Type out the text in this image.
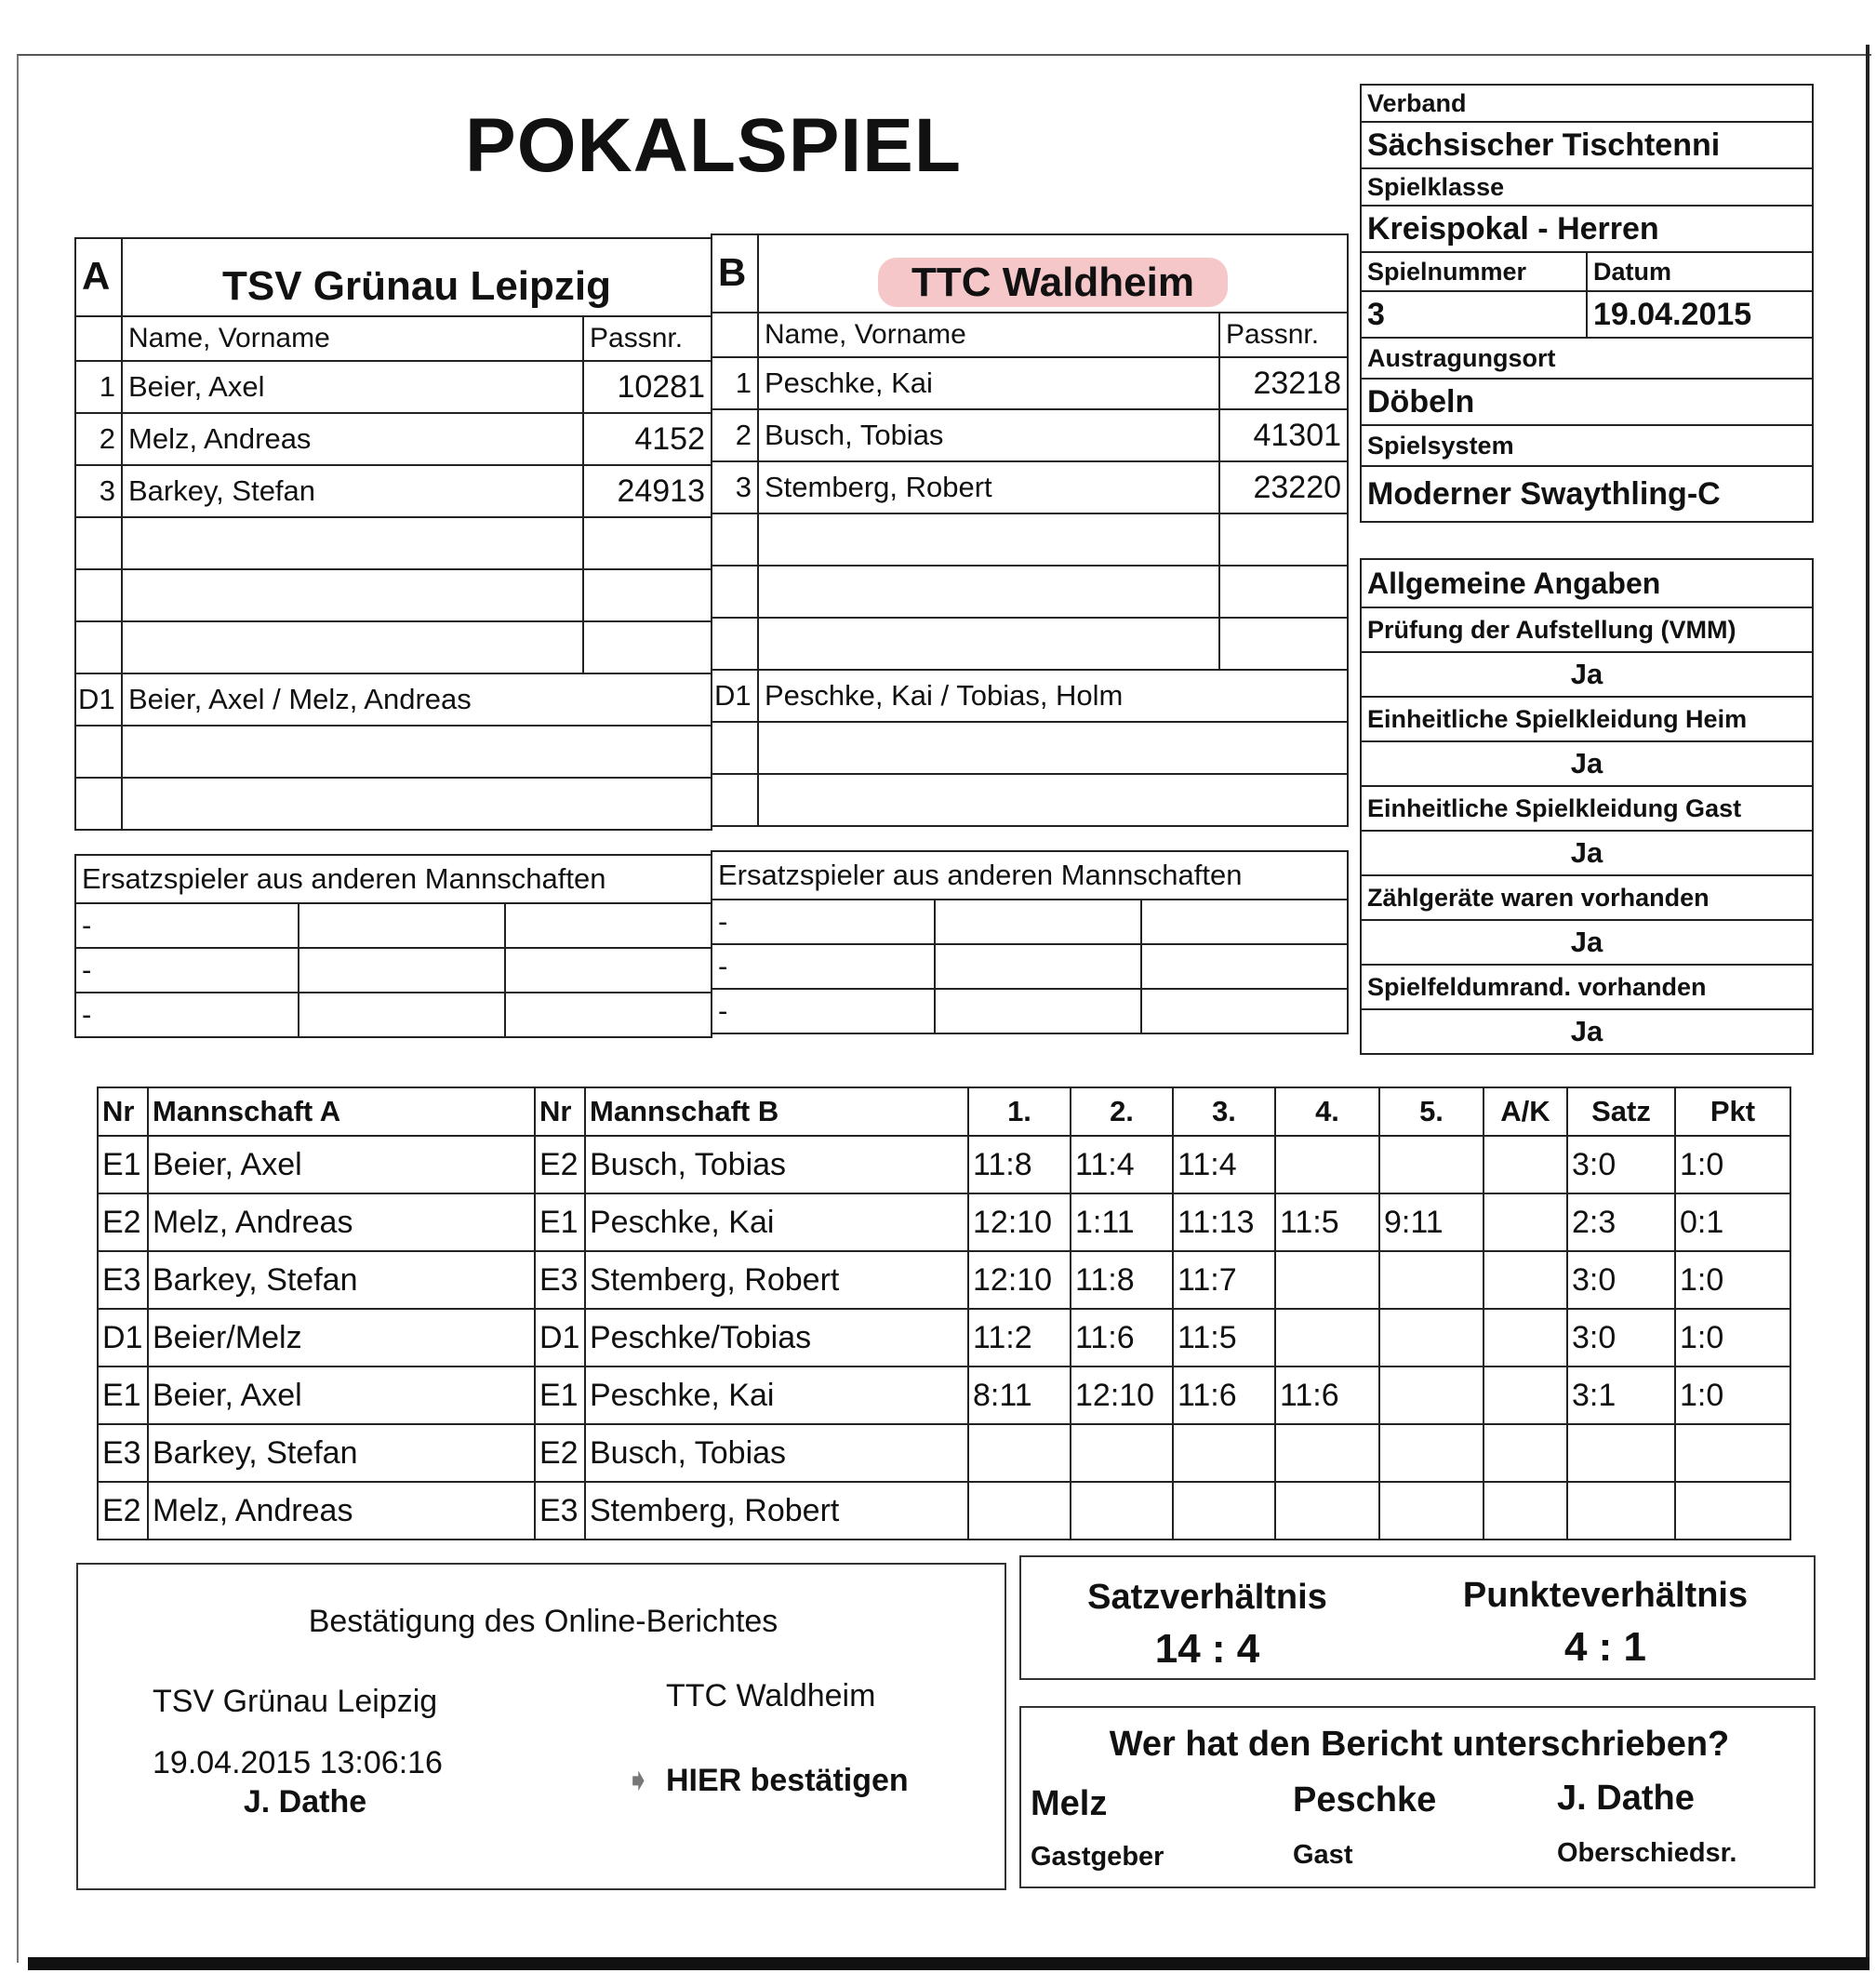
POKALSPIEL
A	TSV Grünau Leipzig	
	Name, Vorname	Passnr.
1	Beier, Axel	10281
2	Melz, Andreas	4152
3	Barkey, Stefan	24913

D1	Beier, Axel / Melz, Andreas	

B	TTC Waldheim	
	Name, Vorname	Passnr.
1	Peschke, Kai	23218
2	Busch, Tobias	41301
3	Stemberg, Robert	23220

D1	Peschke, Kai / Tobias, Holm	

Ersatzspieler aus anderen Mannschaften		
-		
-		
-		
Ersatzspieler aus anderen Mannschaften		
-		
-		
-		
Verband	
Sächsischer Tischtenni	
Spielklasse	
Kreispokal - Herren	
Spielnummer	Datum
3	19.04.2015
Austragungsort	
Döbeln	
Spielsystem	
Moderner Swaythling-C	
Allgemeine Angaben
Prüfung der Aufstellung (VMM)
Ja
Einheitliche Spielkleidung Heim
Ja
Einheitliche Spielkleidung Gast
Ja
Zählgeräte waren vorhanden
Ja
Spielfeldumrand. vorhanden
Ja
Nr	Mannschaft A	Nr	Mannschaft B	1.	2.	3.	4.	5.	A/K	Satz	Pkt
E1	Beier, Axel	E2	Busch, Tobias	11:8	11:4	11:4				3:0	1:0
E2	Melz, Andreas	E1	Peschke, Kai	12:10	1:11	11:13	11:5	9:11		2:3	0:1
E3	Barkey, Stefan	E3	Stemberg, Robert	12:10	11:8	11:7				3:0	1:0
D1	Beier/Melz	D1	Peschke/Tobias	11:2	11:6	11:5				3:0	1:0
E1	Beier, Axel	E1	Peschke, Kai	8:11	12:10	11:6	11:6			3:1	1:0
E3	Barkey, Stefan	E2	Busch, Tobias								
E2	Melz, Andreas	E3	Stemberg, Robert								
Bestätigung des Online-Berichtes
TSV Grünau Leipzig	TTC Waldheim
19.04.2015 13:06:16
J. Dathe
➧ HIER bestätigen
Satzverhältnis
14 : 4
Punkteverhältnis
4 : 1
Wer hat den Bericht unterschrieben?
Melz
Gastgeber
Peschke
Gast
J. Dathe
Oberschiedsr.
